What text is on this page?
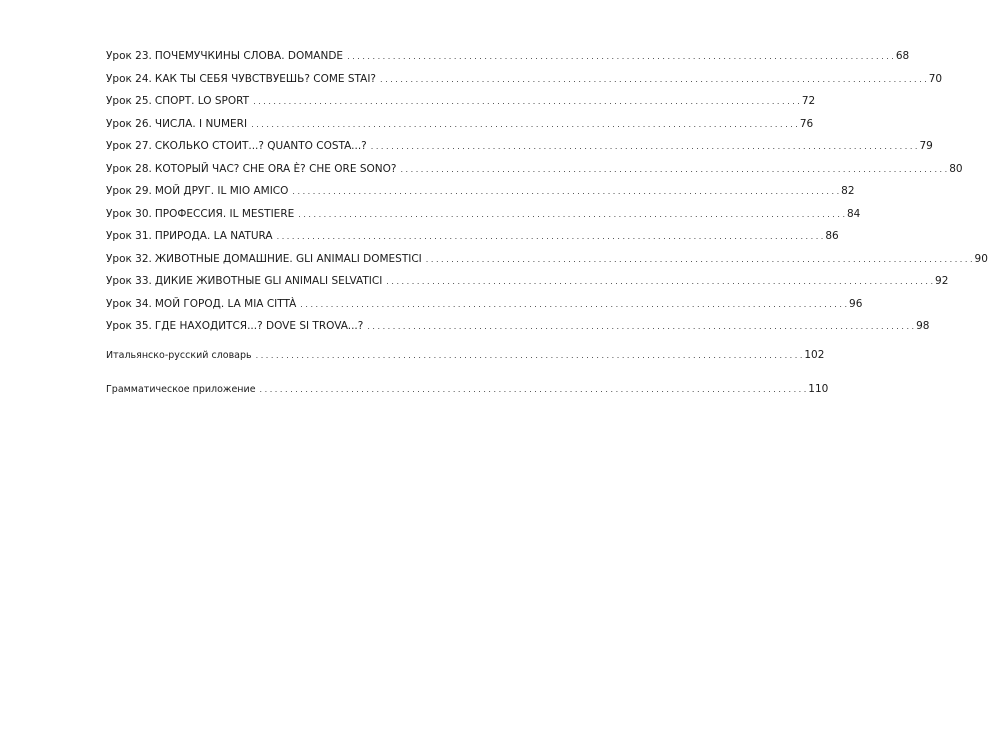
Урок 23. ПОЧЕМУЧКИНЫ СЛОВА. DOMANDE . . .	68
Урок 24. КАК ТЫ СЕБЯ ЧУВСТВУЕШЬ? COME STAI? . . .	70
Урок 25. СПОРТ. LO SPORT . . .	72
Урок 26. ЧИСЛА. I NUMERI . . .	76
Урок 27. СКОЛЬКО СТОИТ...? QUANTO COSTA...? . . .	79
Урок 28. КОТОРЫЙ ЧАС? CHE ORA È? CHE ORE SONO? . . .	80
Урок 29. МОЙ ДРУГ. IL MIO AMICO . . .	82
Урок 30. ПРОФЕССИЯ. IL MESTIERE . . .	84
Урок 31. ПРИРОДА. LA NATURA . . .	86
Урок 32. ЖИВОТНЫЕ ДОМАШНИЕ. GLI ANIMALI DOMESTICI . . .	90
Урок 33. ДИКИЕ ЖИВОТНЫЕ GLI ANIMALI SELVATICI . . .	92
Урок 34. МОЙ ГОРОД. LA MIA CITTÀ . . .	96
Урок 35. ГДЕ НАХОДИТСЯ...? DOVE SI TROVA...? . . .	98
Итальянско-русский словарь . . .	102
Грамматическое приложение . . .	110
